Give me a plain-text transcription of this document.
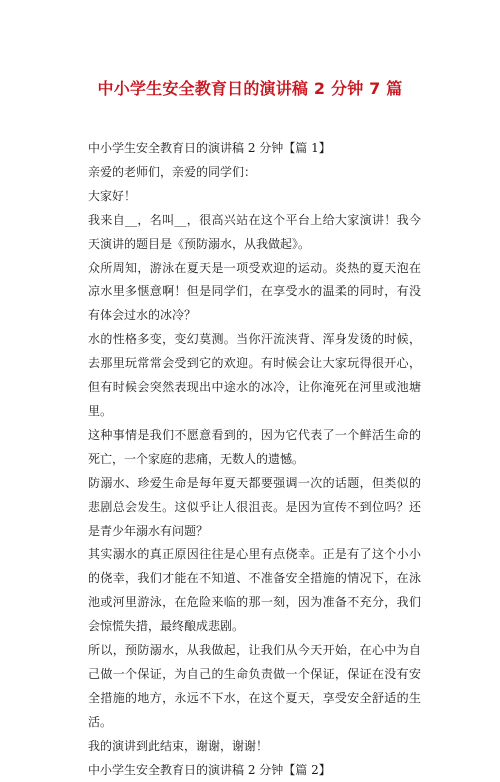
中小学生安全教育日的演讲稿 2 分钟 7 篇

中小学生安全教育日的演讲稿 2 分钟【篇 1】

亲爱的老师们，亲爱的同学们：

大家好！

我来自__，名叫__，很高兴站在这个平台上给大家演讲！我今天演讲的题目是《预防溺水，从我做起》。

众所周知，游泳在夏天是一项受欢迎的运动。炎热的夏天泡在凉水里多惬意啊！但是同学们，在享受水的温柔的同时，有没有体会过水的冰冷？

水的性格多变，变幻莫测。当你汗流浃背、浑身发烫的时候，去那里玩常常会受到它的欢迎。有时候会让大家玩得很开心，但有时候会突然表现出中途水的冰冷，让你淹死在河里或池塘里。

这种事情是我们不愿意看到的，因为它代表了一个鲜活生命的死亡，一个家庭的悲痛，无数人的遗憾。

防溺水、珍爱生命是每年夏天都要强调一次的话题，但类似的悲剧总会发生。这似乎让人很沮丧。是因为宣传不到位吗？还是青少年溺水有问题？

其实溺水的真正原因往往是心里有点侥幸。正是有了这个小小的侥幸，我们才能在不知道、不准备安全措施的情况下，在泳池或河里游泳，在危险来临的那一刻，因为准备不充分，我们会惊慌失措，最终酿成悲剧。

所以，预防溺水，从我做起，让我们从今天开始，在心中为自己做一个保证，为自己的生命负责做一个保证，保证在没有安全措施的地方，永远不下水，在这个夏天，享受安全舒适的生活。

我的演讲到此结束，谢谢，谢谢！

中小学生安全教育日的演讲稿 2 分钟【篇 2】
